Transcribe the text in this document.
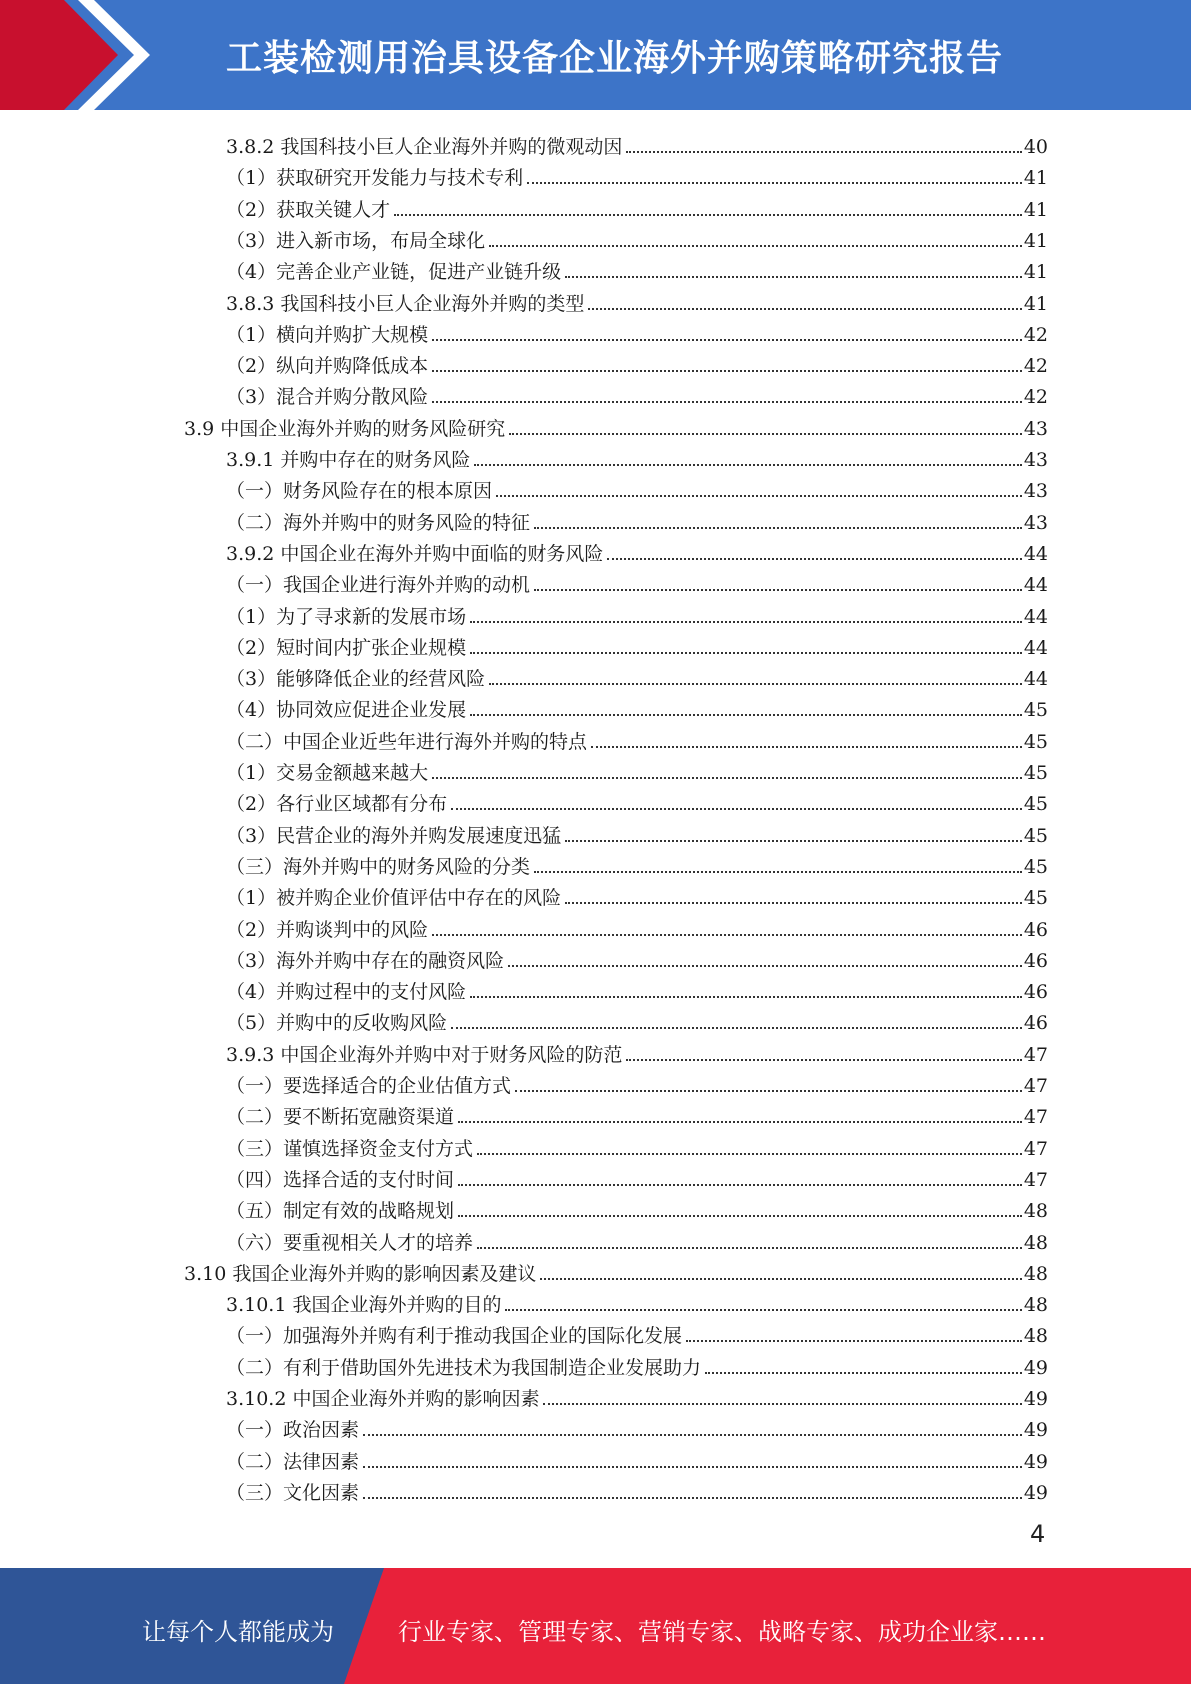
工装检测用治具设备企业海外并购策略研究报告
3.8.2 我国科技小巨人企业海外并购的微观动因	40
（1）获取研究开发能力与技术专利	41
（2）获取关键人才	41
（3）进入新市场，布局全球化	41
（4）完善企业产业链，促进产业链升级	41
3.8.3 我国科技小巨人企业海外并购的类型	41
（1）横向并购扩大规模	42
（2）纵向并购降低成本	42
（3）混合并购分散风险	42
3.9 中国企业海外并购的财务风险研究	43
3.9.1 并购中存在的财务风险	43
（一）财务风险存在的根本原因	43
（二）海外并购中的财务风险的特征	43
3.9.2 中国企业在海外并购中面临的财务风险	44
（一）我国企业进行海外并购的动机	44
（1）为了寻求新的发展市场	44
（2）短时间内扩张企业规模	44
（3）能够降低企业的经营风险	44
（4）协同效应促进企业发展	45
（二）中国企业近些年进行海外并购的特点	45
（1）交易金额越来越大	45
（2）各行业区域都有分布	45
（3）民营企业的海外并购发展速度迅猛	45
（三）海外并购中的财务风险的分类	45
（1）被并购企业价值评估中存在的风险	45
（2）并购谈判中的风险	46
（3）海外并购中存在的融资风险	46
（4）并购过程中的支付风险	46
（5）并购中的反收购风险	46
3.9.3 中国企业海外并购中对于财务风险的防范	47
（一）要选择适合的企业估值方式	47
（二）要不断拓宽融资渠道	47
（三）谨慎选择资金支付方式	47
（四）选择合适的支付时间	47
（五）制定有效的战略规划	48
（六）要重视相关人才的培养	48
3.10 我国企业海外并购的影响因素及建议	48
3.10.1 我国企业海外并购的目的	48
（一）加强海外并购有利于推动我国企业的国际化发展	48
（二）有利于借助国外先进技术为我国制造企业发展助力	49
3.10.2 中国企业海外并购的影响因素	49
（一）政治因素	49
（二）法律因素	49
（三）文化因素	49
4
让每个人都能成为	行业专家、管理专家、营销专家、战略专家、成功企业家……
